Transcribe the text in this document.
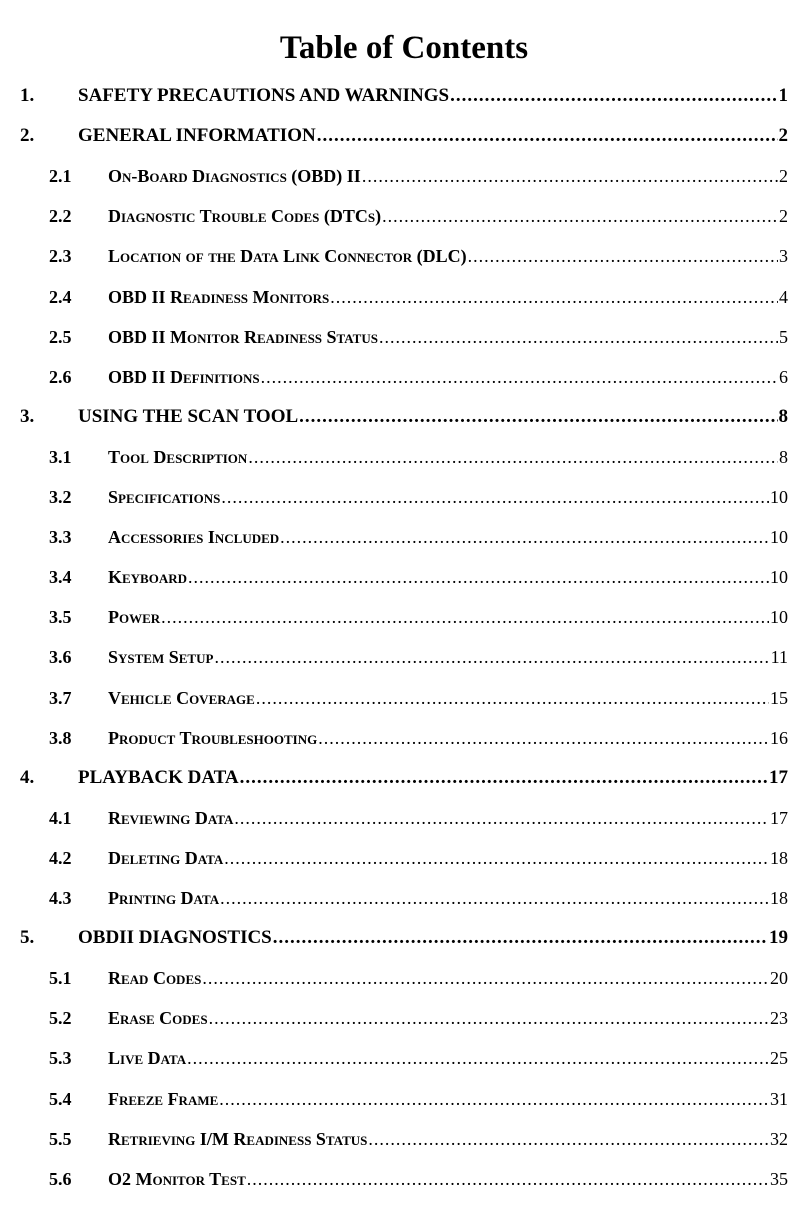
Table of Contents
1. SAFETY PRECAUTIONS AND WARNINGS .....	1
2. GENERAL INFORMATION .....	2
2.1 On-Board Diagnostics (OBD) II .....	2
2.2 Diagnostic Trouble Codes (DTCs) .....	2
2.3 Location of the Data Link Connector (DLC) .....	3
2.4 OBD II Readiness Monitors .....	4
2.5 OBD II Monitor Readiness Status .....	5
2.6 OBD II Definitions .....	6
3. USING THE SCAN TOOL .....	8
3.1 Tool Description .....	8
3.2 Specifications .....	10
3.3 Accessories Included .....	10
3.4 Keyboard .....	10
3.5 Power .....	10
3.6 System Setup .....	11
3.7 Vehicle Coverage .....	15
3.8 Product Troubleshooting .....	16
4. PLAYBACK DATA .....	17
4.1 Reviewing Data .....	17
4.2 Deleting Data .....	18
4.3 Printing Data .....	18
5. OBDII DIAGNOSTICS .....	19
5.1 Read Codes .....	20
5.2 Erase Codes .....	23
5.3 Live Data .....	25
5.4 Freeze Frame .....	31
5.5 Retrieving I/M Readiness Status .....	32
5.6 O2 Monitor Test .....	35
